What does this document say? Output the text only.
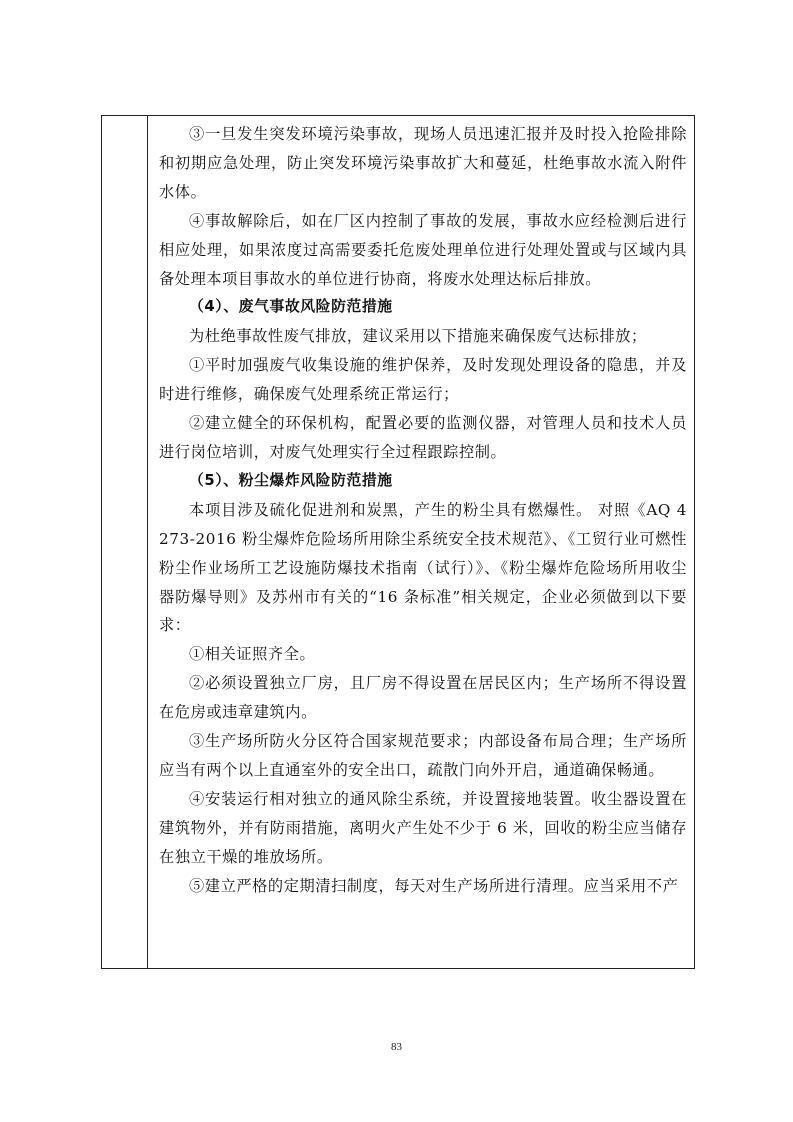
③一旦发生突发环境污染事故，现场人员迅速汇报并及时投入抢险排除和初期应急处理，防止突发环境污染事故扩大和蔓延，杜绝事故水流入附件水体。

④事故解除后，如在厂区内控制了事故的发展，事故水应经检测后进行相应处理，如果浓度过高需要委托危废处理单位进行处理处置或与区域内具备处理本项目事故水的单位进行协商，将废水处理达标后排放。

（4）、废气事故风险防范措施

为杜绝事故性废气排放，建议采用以下措施来确保废气达标排放；

①平时加强废气收集设施的维护保养，及时发现处理设备的隐患，并及时进行维修，确保废气处理系统正常运行；

②建立健全的环保机构，配置必要的监测仪器，对管理人员和技术人员进行岗位培训，对废气处理实行全过程跟踪控制。

（5）、粉尘爆炸风险防范措施

本项目涉及硫化促进剂和炭黑，产生的粉尘具有燃爆性。 对照《AQ 4273-2016 粉尘爆炸危险场所用除尘系统安全技术规范》、《工贸行业可燃性粉尘作业场所工艺设施防爆技术指南（试行）》、《粉尘爆炸危险场所用收尘器防爆导则》及苏州市有关的“16 条标准”相关规定，企业必须做到以下要求：

①相关证照齐全。

②必须设置独立厂房，且厂房不得设置在居民区内；生产场所不得设置在危房或违章建筑内。

③生产场所防火分区符合国家规范要求；内部设备布局合理；生产场所应当有两个以上直通室外的安全出口，疏散门向外开启，通道确保畅通。

④安装运行相对独立的通风除尘系统，并设置接地装置。收尘器设置在建筑物外，并有防雨措施，离明火产生处不少于 6 米，回收的粉尘应当储存在独立干燥的堆放场所。

⑤建立严格的定期清扫制度，每天对生产场所进行清理。应当采用不产

83
